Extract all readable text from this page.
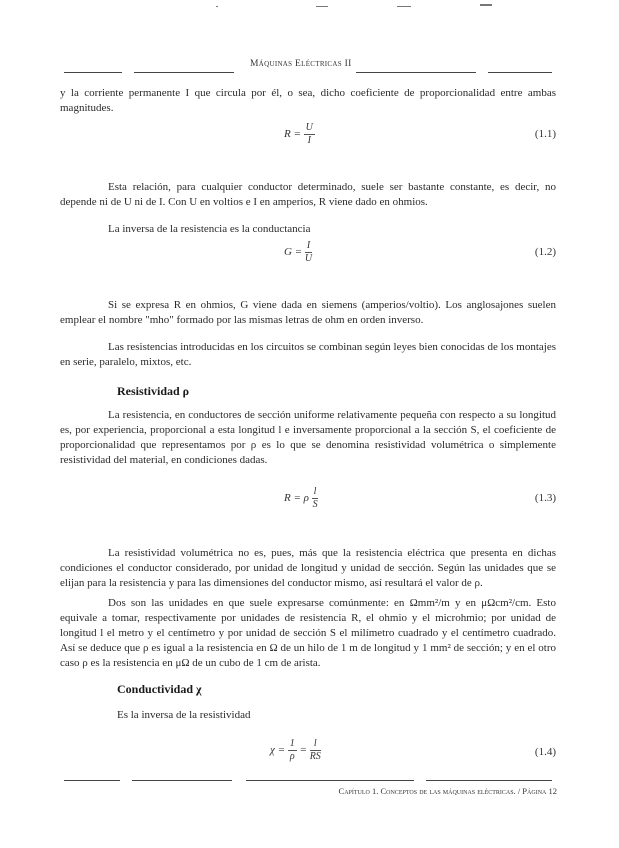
Máquinas Eléctricas II
y la corriente permanente I que circula por él, o sea, dicho coeficiente de proporcionalidad entre ambas magnitudes.
$R = \frac{U}{I}$	(1.1)
Esta relación, para cualquier conductor determinado, suele ser bastante constante, es decir, no depende ni de U ni de I. Con U en voltios e I en amperios, R viene dado en ohmios.
La inversa de la resistencia es la conductancia
$G = \frac{I}{U}$	(1.2)
Si se expresa R en ohmios, G viene dada en siemens (amperios/voltio). Los anglosajones suelen emplear el nombre "mho" formado por las mismas letras de ohm en orden inverso.
Las resistencias introducidas en los circuitos se combinan según leyes bien conocidas de los montajes en serie, paralelo, mixtos, etc.
Resistividad ρ
La resistencia, en conductores de sección uniforme relativamente pequeña con respecto a su longitud es, por experiencia, proporcional a esta longitud l e inversamente proporcional a la sección S, el coeficiente de proporcionalidad que representamos por ρ es lo que se denomina resistividad volumétrica o simplemente resistividad del material, en condiciones dadas.
R = ρ $\frac{l}{S}$	(1.3)
La resistividad volumétrica no es, pues, más que la resistencia eléctrica que presenta en dichas condiciones el conductor considerado, por unidad de longitud y unidad de sección. Según las unidades que se elijan para la resistencia y para las dimensiones del conductor mismo, así resultará el valor de ρ.
Dos son las unidades en que suele expresarse comúnmente: en Ωmm²/m y en μΩcm²/cm. Esto equivale a tomar, respectivamente por unidades de resistencia R, el ohmio y el microhmio; por unidad de longitud l el metro y el centímetro y por unidad de sección S el milímetro cuadrado y el centímetro cuadrado. Así se deduce que ρ es igual a la resistencia en Ω de un hilo de 1 m de longitud y 1 mm² de sección; y en el otro caso ρ es la resistencia en μΩ de un cubo de 1 cm de arista.
Conductividad χ
Es la inversa de la resistividad
$\chi = \frac{1}{\rho} = \frac{l}{RS}$	(1.4)
Capítulo 1. Conceptos de las máquinas eléctricas. / Página 12
